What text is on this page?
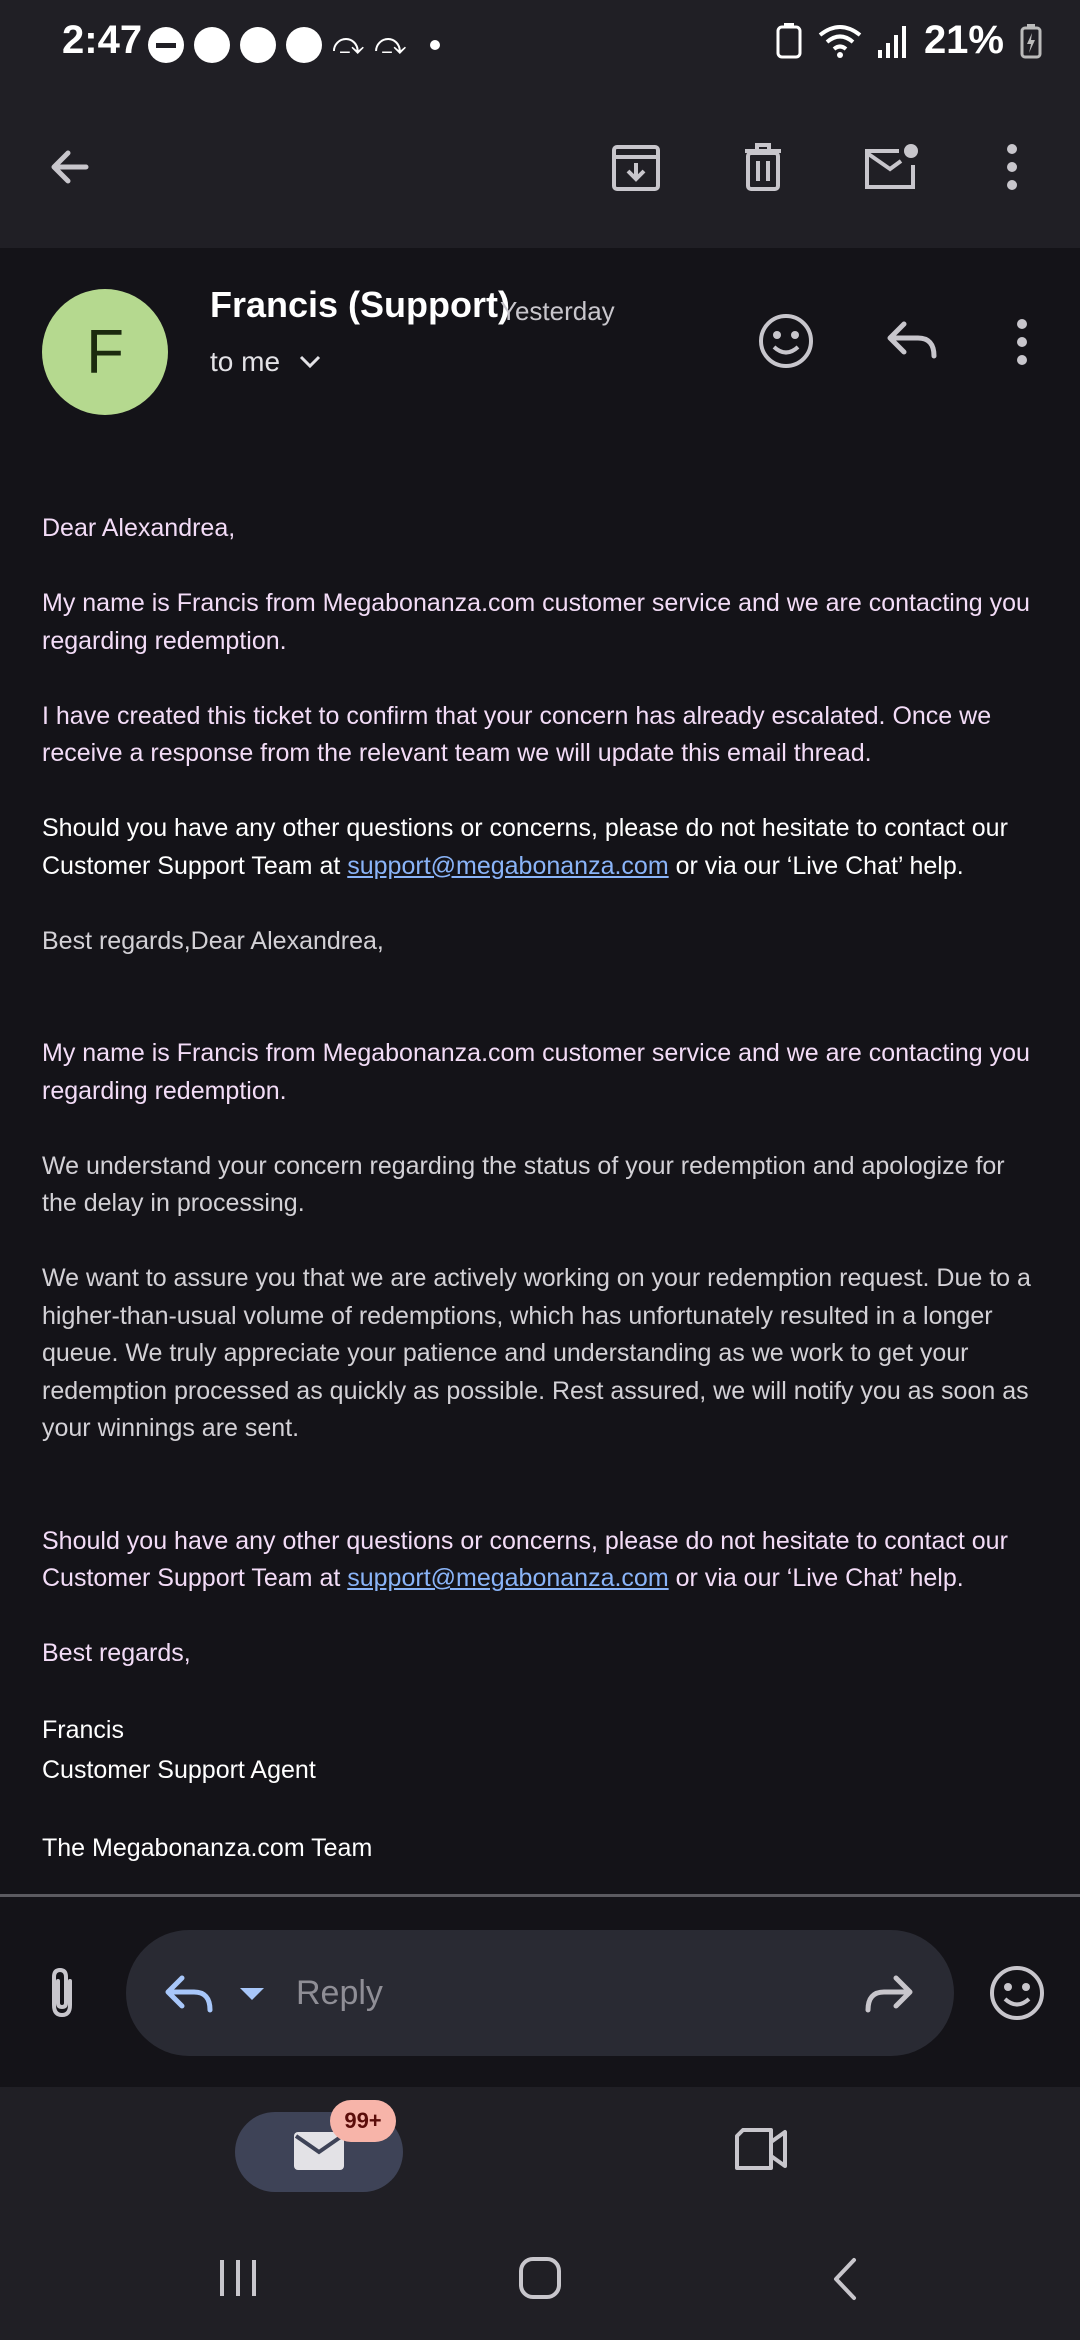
2:47	⤼ ⤼	21%
F
Francis (Support)
Yesterday
to me

Dear Alexandrea,

My name is Francis from Megabonanza.com customer service and we are contacting you regarding redemption.

I have created this ticket to confirm that your concern has already escalated. Once we receive a response from the relevant team we will update this email thread.

Should you have any other questions or concerns, please do not hesitate to contact our Customer Support Team at support@megabonanza.com or via our ‘Live Chat’ help.

Best regards,Dear Alexandrea,

My name is Francis from Megabonanza.com customer service and we are contacting you regarding redemption.

We understand your concern regarding the status of your redemption and apologize for the delay in processing.

We want to assure you that we are actively working on your redemption request. Due to a higher-than-usual volume of redemptions, which has unfortunately resulted in a longer queue. We truly appreciate your patience and understanding as we work to get your redemption processed as quickly as possible. Rest assured, we will notify you as soon as your winnings are sent.

Should you have any other questions or concerns, please do not hesitate to contact our Customer Support Team at support@megabonanza.com or via our ‘Live Chat’ help.

Best regards,

Francis

Customer Support Agent

The Megabonanza.com Team

Reply
99+
